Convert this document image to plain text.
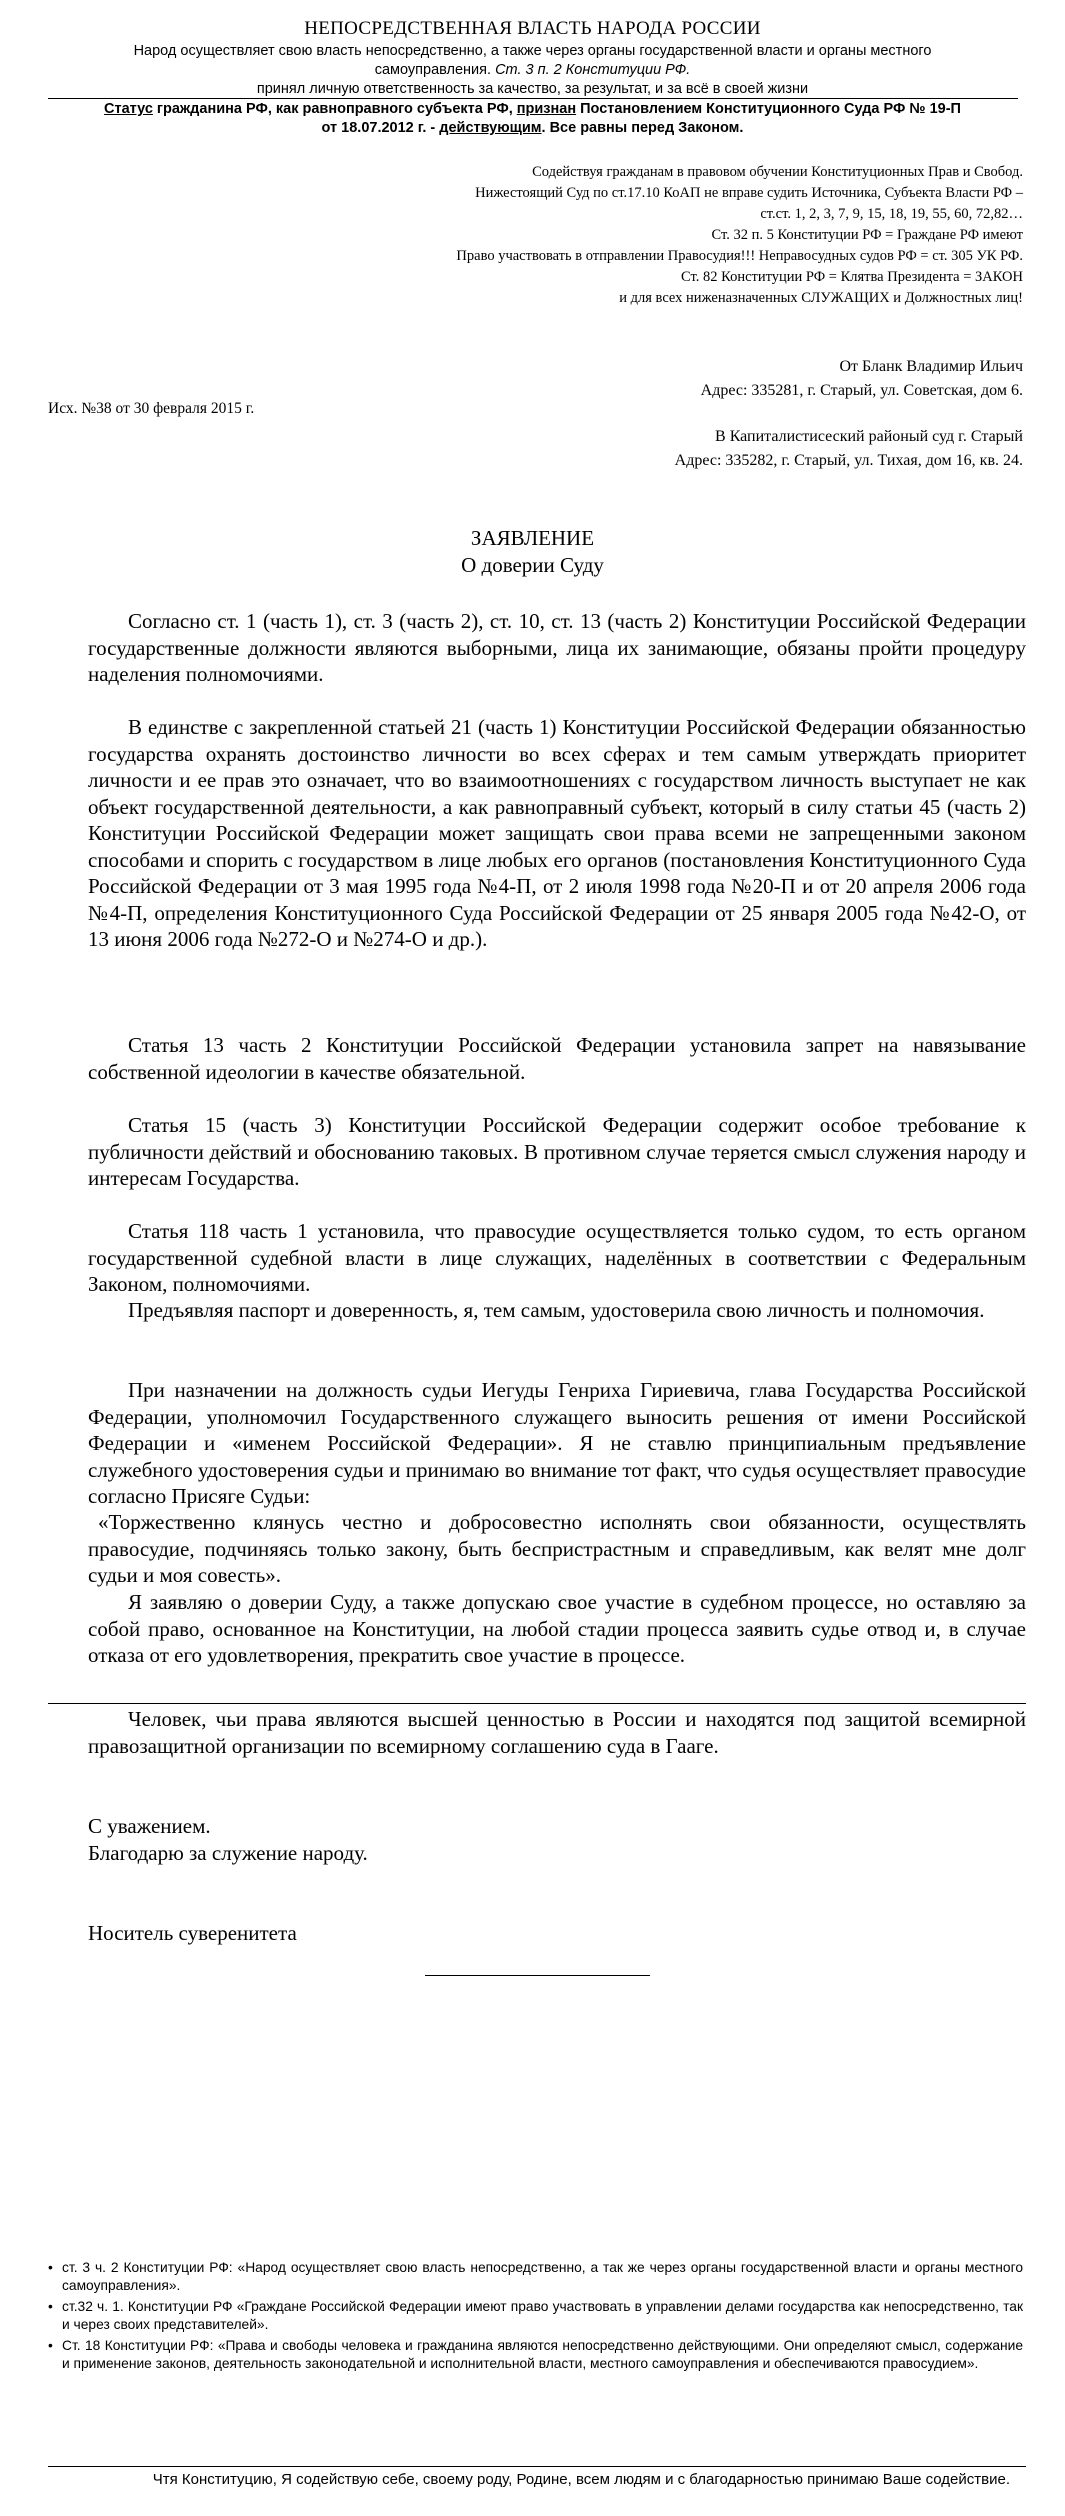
НЕПОСРЕДСТВЕННАЯ ВЛАСТЬ НАРОДА РОССИИ
Народ осуществляет свою власть непосредственно, а также через органы государственной власти и органы местного
самоуправления. Ст. 3 п. 2 Конституции РФ.
принял личную ответственность за качество, за результат, и за всё в своей жизни
Статус гражданина РФ, как равноправного субъекта РФ, признан Постановлением Конституционного Суда РФ № 19-П
от 18.07.2012 г. - действующим. Все равны перед Законом.
Содействуя гражданам в правовом обучении Конституционных Прав и Свобод.
Нижестоящий Суд по ст.17.10 КоАП не вправе судить Источника, Субъекта Власти РФ –
ст.ст. 1, 2, 3, 7, 9, 15, 18, 19, 55, 60, 72,82…
Ст. 32 п. 5 Конституции РФ = Граждане РФ имеют
Право участвовать в отправлении Правосудия!!! Неправосудных судов РФ = ст. 305 УК РФ.
Ст. 82 Конституции РФ = Клятва Президента = ЗАКОН
и для всех ниженазначенных СЛУЖАЩИХ и Должностных лиц!
От Бланк Владимир Ильич
Адрес: 335281, г. Старый, ул. Советская, дом 6.
Исх. №38 от 30 февраля 2015 г.
В Капиталистисеский районый суд г. Старый
Адрес: 335282, г. Старый, ул. Тихая, дом 16, кв. 24.
ЗАЯВЛЕНИЕ
О доверии Суду
Согласно ст. 1 (часть 1), ст. 3 (часть 2), ст. 10, ст. 13 (часть 2) Конституции Российской Федерации государственные должности являются выборными, лица их занимающие, обязаны пройти процедуру наделения полномочиями.
В единстве с закрепленной статьей 21 (часть 1) Конституции Российской Федерации обязанностью государства охранять достоинство личности во всех сферах и тем самым утверждать приоритет личности и ее прав это означает, что во взаимоотношениях с государством личность выступает не как объект государственной деятельности, а как равноправный субъект, который в силу статьи 45 (часть 2) Конституции Российской Федерации может защищать свои права всеми не запрещенными законом способами и спорить с государством в лице любых его органов (постановления Конституционного Суда Российской Федерации от 3 мая 1995 года №4-П, от 2 июля 1998 года №20-П и от 20 апреля 2006 года №4-П, определения Конституционного Суда Российской Федерации от 25 января 2005 года №42-О, от 13 июня 2006 года №272-О и №274-О и др.).
Статья 13 часть 2 Конституции Российской Федерации установила запрет на навязывание собственной идеологии в качестве обязательной.
Статья 15 (часть 3) Конституции Российской Федерации содержит особое требование к публичности действий и обоснованию таковых. В противном случае теряется смысл служения народу и интересам Государства.
Статья 118 часть 1 установила, что правосудие осуществляется только судом, то есть органом государственной судебной власти в лице служащих, наделённых в соответствии с Федеральным Законом, полномочиями.
Предъявляя паспорт и доверенность, я, тем самым, удостоверила свою личность и полномочия.
При назначении на должность судьи Иегуды Генриха Гириевича, глава Государства Российской Федерации, уполномочил Государственного служащего выносить решения от имени Российской Федерации и «именем Российской Федерации». Я не ставлю принципиальным предъявление служебного удостоверения судьи и принимаю во внимание тот факт, что судья осуществляет правосудие согласно Присяге Судьи:
«Торжественно клянусь честно и добросовестно исполнять свои обязанности, осуществлять правосудие, подчиняясь только закону, быть беспристрастным и справедливым, как велят мне долг судьи и моя совесть».
Я заявляю о доверии Суду, а также допускаю свое участие в судебном процессе, но оставляю за собой право, основанное на Конституции, на любой стадии процесса заявить судье отвод и, в случае отказа от его удовлетворения, прекратить свое участие в процессе.
Человек, чьи права являются высшей ценностью в России и находятся под защитой всемирной правозащитной организации по всемирному соглашению суда в Гааге.
С уважением.
Благодарю за служение народу.
Носитель суверенитета
• ст. 3 ч. 2 Конституции РФ: «Народ осуществляет свою власть непосредственно, а так же через органы государственной власти и органы местного самоуправления».
• ст.32 ч. 1. Конституции РФ «Граждане Российской Федерации имеют право участвовать в управлении делами государства как непосредственно, так и через своих представителей».
• Ст. 18 Конституции РФ: «Права и свободы человека и гражданина являются непосредственно действующими. Они определяют смысл, содержание и применение законов, деятельность законодательной и исполнительной власти, местного самоуправления и обеспечиваются правосудием».
Чтя Конституцию, Я содействую себе, своему роду, Родине, всем людям и с благодарностью принимаю Ваше содействие.
